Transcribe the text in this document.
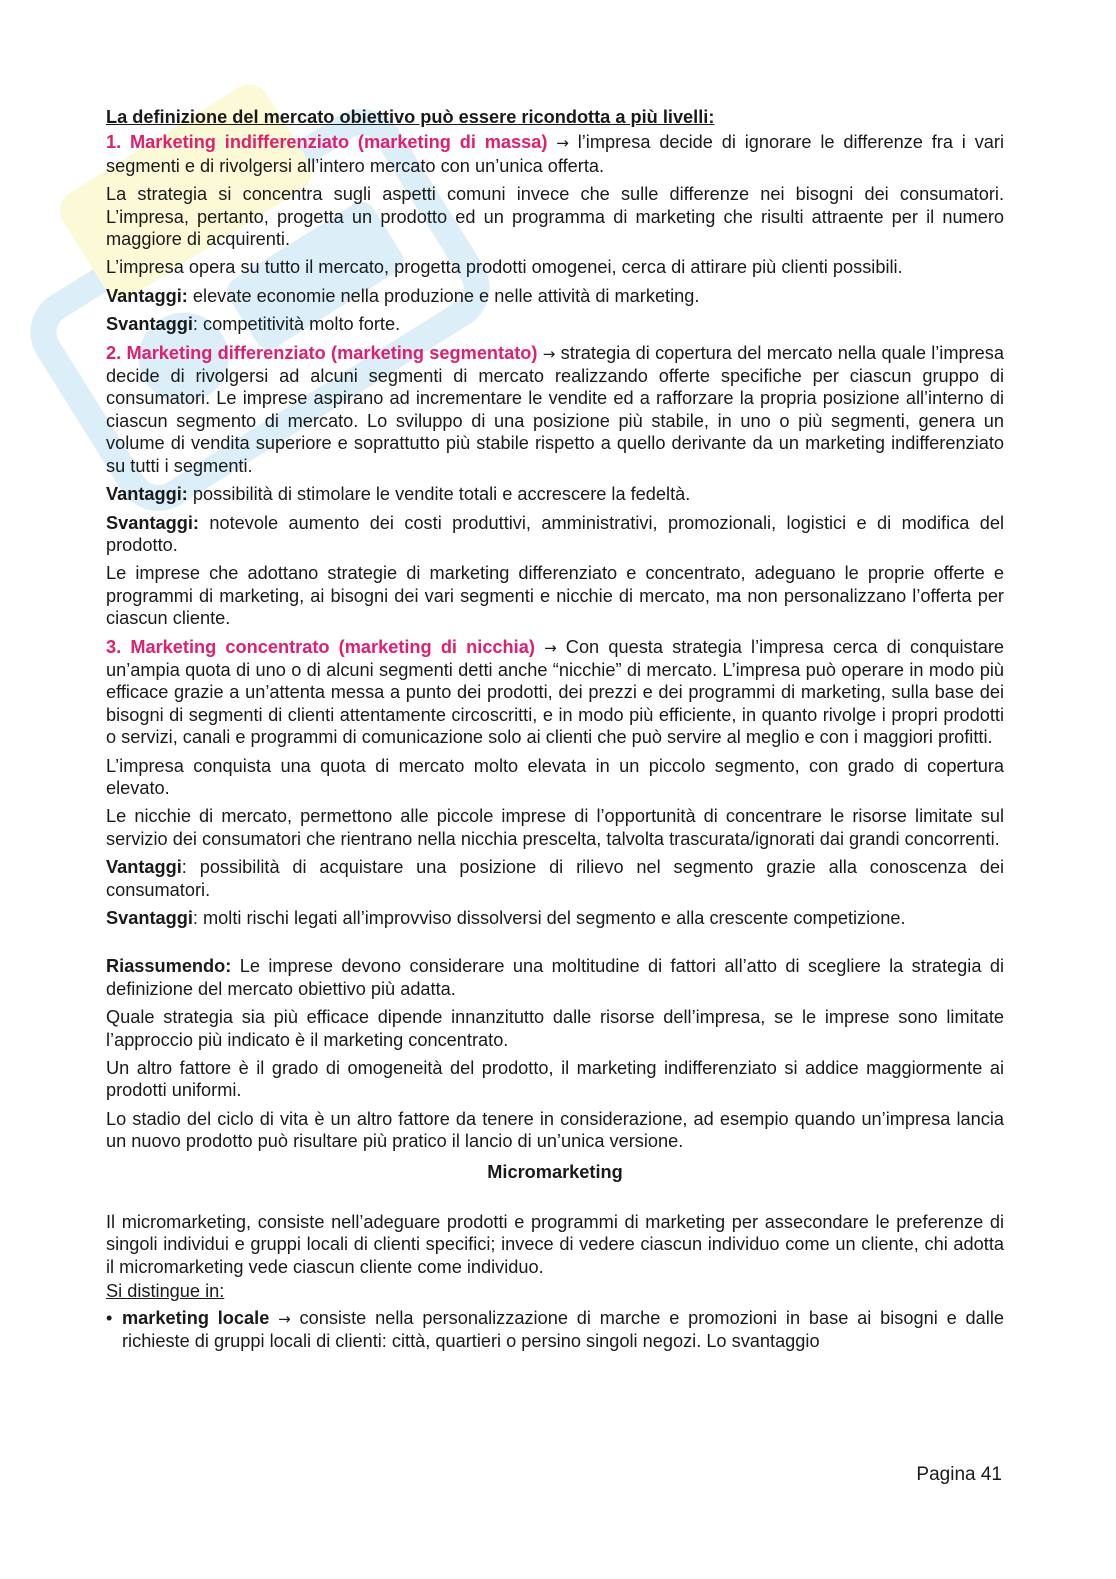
La definizione del mercato obiettivo può essere ricondotta a più livelli:

1. Marketing indifferenziato (marketing di massa) → l’impresa decide di ignorare le differenze fra i vari segmenti e di rivolgersi all’intero mercato con un’unica offerta.

La strategia si concentra sugli aspetti comuni invece che sulle differenze nei bisogni dei consumatori. L’impresa, pertanto, progetta un prodotto ed un programma di marketing che risulti attraente per il numero maggiore di acquirenti.

L’impresa opera su tutto il mercato, progetta prodotti omogenei, cerca di attirare più clienti possibili.

Vantaggi: elevate economie nella produzione e nelle attività di marketing.

Svantaggi: competitività molto forte.

2. Marketing differenziato (marketing segmentato) → strategia di copertura del mercato nella quale l’impresa decide di rivolgersi ad alcuni segmenti di mercato realizzando offerte specifiche per ciascun gruppo di consumatori. Le imprese aspirano ad incrementare le vendite ed a rafforzare la propria posizione all’interno di ciascun segmento di mercato. Lo sviluppo di una posizione più stabile, in uno o più segmenti, genera un volume di vendita superiore e soprattutto più stabile rispetto a quello derivante da un marketing indifferenziato su tutti i segmenti.

Vantaggi: possibilità di stimolare le vendite totali e accrescere la fedeltà.

Svantaggi: notevole aumento dei costi produttivi, amministrativi, promozionali, logistici e di modifica del prodotto.

Le imprese che adottano strategie di marketing differenziato e concentrato, adeguano le proprie offerte e programmi di marketing, ai bisogni dei vari segmenti e nicchie di mercato, ma non personalizzano l’offerta per ciascun cliente.

3. Marketing concentrato (marketing di nicchia) → Con questa strategia l’impresa cerca di conquistare un’ampia quota di uno o di alcuni segmenti detti anche “nicchie” di mercato. L’impresa può operare in modo più efficace grazie a un’attenta messa a punto dei prodotti, dei prezzi e dei programmi di marketing, sulla base dei bisogni di segmenti di clienti attentamente circoscritti, e in modo più efficiente, in quanto rivolge i propri prodotti o servizi, canali e programmi di comunicazione solo ai clienti che può servire al meglio e con i maggiori profitti.

L’impresa conquista una quota di mercato molto elevata in un piccolo segmento, con grado di copertura elevato.

Le nicchie di mercato, permettono alle piccole imprese di l’opportunità di concentrare le risorse limitate sul servizio dei consumatori che rientrano nella nicchia prescelta, talvolta trascurata/ignorati dai grandi concorrenti.

Vantaggi: possibilità di acquistare una posizione di rilievo nel segmento grazie alla conoscenza dei consumatori.

Svantaggi: molti rischi legati all’improvviso dissolversi del segmento e alla crescente competizione.

Riassumendo: Le imprese devono considerare una moltitudine di fattori all’atto di scegliere la strategia di definizione del mercato obiettivo più adatta.

Quale strategia sia più efficace dipende innanzitutto dalle risorse dell’impresa, se le imprese sono limitate l’approccio più indicato è il marketing concentrato.

Un altro fattore è il grado di omogeneità del prodotto, il marketing indifferenziato si addice maggiormente ai prodotti uniformi.

Lo stadio del ciclo di vita è un altro fattore da tenere in considerazione, ad esempio quando un’impresa lancia un nuovo prodotto può risultare più pratico il lancio di un’unica versione.

Micromarketing

Il micromarketing, consiste nell’adeguare prodotti e programmi di marketing per assecondare le preferenze di singoli individui e gruppi locali di clienti specifici; invece di vedere ciascun individuo come un cliente, chi adotta il micromarketing vede ciascun cliente come individuo.

Si distingue in:

• marketing locale → consiste nella personalizzazione di marche e promozioni in base ai bisogni e dalle richieste di gruppi locali di clienti: città, quartieri o persino singoli negozi. Lo svantaggio

Pagina 41
